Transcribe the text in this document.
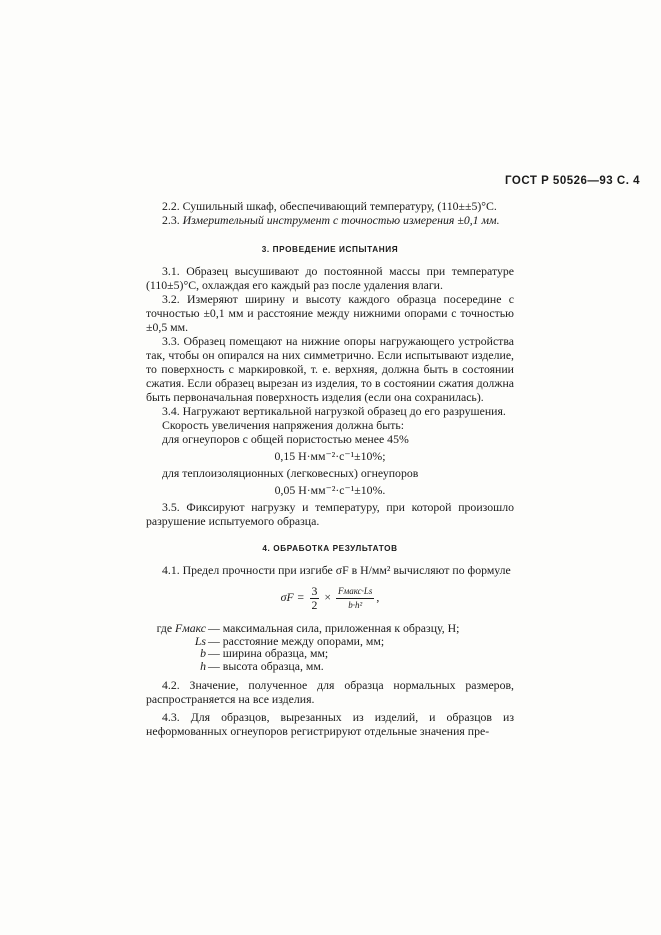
ГОСТ Р 50526—93 С. 4

2.2. Сушильный шкаф, обеспечивающий температуру, (110±±5)°С.

2.3. Измерительный инструмент с точностью измерения ±0,1 мм.

3. ПРОВЕДЕНИЕ ИСПЫТАНИЯ

3.1. Образец высушивают до постоянной массы при температуре (110±5)°С, охлаждая его каждый раз после удаления влаги.

3.2. Измеряют ширину и высоту каждого образца посередине с точностью ±0,1 мм и расстояние между нижними опорами с точностью ±0,5 мм.

3.3. Образец помещают на нижние опоры нагружающего устройства так, чтобы он опирался на них симметрично. Если испытывают изделие, то поверхность с маркировкой, т. е. верхняя, должна быть в состоянии сжатия. Если образец вырезан из изделия, то в состоянии сжатия должна быть первоначальная поверхность изделия (если она сохранилась).

3.4. Нагружают вертикальной нагрузкой образец до его разрушения.

Скорость увеличения напряжения должна быть:

для огнеупоров с общей пористостью менее 45%

0,15 Н·мм⁻²·с⁻¹±10%;

для теплоизоляционных (легковесных) огнеупоров

0,05 Н·мм⁻²·с⁻¹±10%.

3.5. Фиксируют нагрузку и температуру, при которой произошло разрушение испытуемого образца.

4. ОБРАБОТКА РЕЗУЛЬТАТОВ

4.1. Предел прочности при изгибе σF в Н/мм² вычисляют по формуле

$\sigma F = \frac{3}{2} \times \frac{\text{Fмакс·Ls}}{\text{b·h²}}$ ,
где Fмакс — максимальная сила, приложенная к образцу, Н;
Ls — расстояние между опорами, мм;
b — ширина образца, мм;
h — высота образца, мм.

4.2. Значение, полученное для образца нормальных размеров, распространяется на все изделия.

4.3. Для образцов, вырезанных из изделий, и образцов из неформованных огнеупоров регистрируют отдельные значения пре-
